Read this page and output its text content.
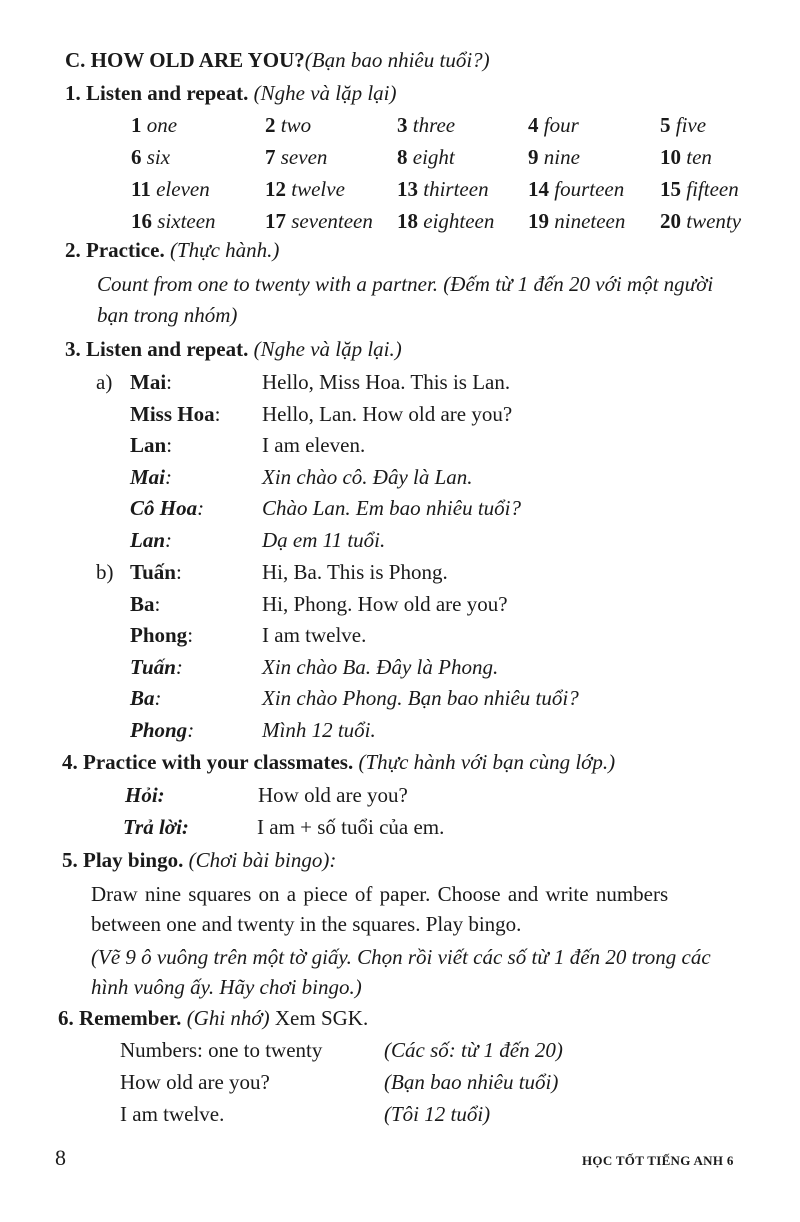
C. HOW OLD ARE YOU?(Bạn bao nhiêu tuổi?)
1. Listen and repeat. (Nghe và lặp lại)
1 one	2 two	3 three	4 four	5 five
6 six	7 seven	8 eight	9 nine	10 ten
11 eleven	12 twelve 13 thirteen 14 fourteen 15 fifteen
16 sixteen 17 seventeen 18 eighteen 19 nineteen 20 twenty
2. Practice. (Thực hành.)
Count from one to twenty with a partner. (Đếm từ 1 đến 20 với một người
bạn trong nhóm)
3. Listen and repeat. (Nghe và lặp lại.)
a) Mai:	Hello, Miss Hoa. This is Lan.
Miss Hoa: Hello, Lan. How old are you?
Lan:	I am eleven.
Mai:	Xin chào cô. Đây là Lan.
Cô Hoa:	Chào Lan. Em bao nhiêu tuổi?
Lan:	Dạ em 11 tuổi.
b) Tuấn:	Hi, Ba. This is Phong.
Ba:	Hi, Phong. How old are you?
Phong:	I am twelve.
Tuấn:	Xin chào Ba. Đây là Phong.
Ba:	Xin chào Phong. Bạn bao nhiêu tuổi?
Phong:	Mình 12 tuổi.
4. Practice with your classmates. (Thực hành với bạn cùng lớp.)
Hỏi:	How old are you?
Trả lời:	I am + số tuổi của em.
5. Play bingo. (Chơi bài bingo):
Draw nine squares on a piece of paper. Choose and write numbers
between one and twenty in the squares. Play bingo.
(Vẽ 9 ô vuông trên một tờ giấy. Chọn rồi viết các số từ 1 đến 20 trong các
hình vuông ấy. Hãy chơi bingo.)
6. Remember. (Ghi nhớ) Xem SGK.
Numbers: one to twenty	(Các số: từ 1 đến 20)
How old are you?	(Bạn bao nhiêu tuổi)
I am twelve.	(Tôi 12 tuổi)
8	HỌC TỐT TIẾNG ANH 6
